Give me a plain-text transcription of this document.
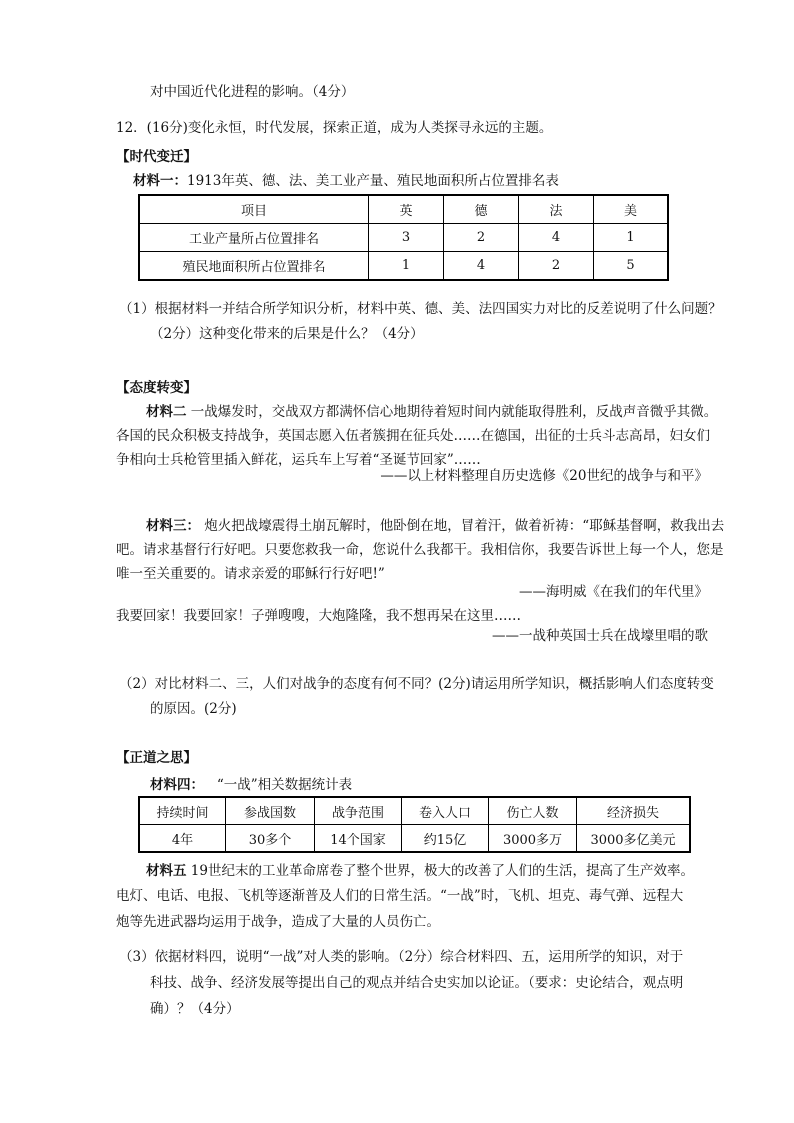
对中国近代化进程的影响。（4分）
12．(16分)变化永恒，时代发展，探索正道，成为人类探寻永远的主题。
【时代变迁】
材料一：1913年英、德、法、美工业产量、殖民地面积所占位置排名表
项目	英	德	法	美
工业产量所占位置排名	3	2	4	1
殖民地面积所占位置排名	1	4	2	5
（1）根据材料一并结合所学知识分析，材料中英、德、美、法四国实力对比的反差说明了什么问题？
（2分）这种变化带来的后果是什么？（4分）
【态度转变】
材料二 一战爆发时，交战双方都满怀信心地期待着短时间内就能取得胜利，反战声音微乎其微。
各国的民众积极支持战争，英国志愿入伍者簇拥在征兵处……在德国，出征的士兵斗志高昂，妇女们
争相向士兵枪管里插入鲜花，运兵车上写着“圣诞节回家”……
——以上材料整理自历史选修《20世纪的战争与和平》
材料三： 炮火把战壕震得土崩瓦解时，他卧倒在地，冒着汗，做着祈祷：“耶稣基督啊，救我出去
吧。请求基督行行好吧。只要您救我一命，您说什么我都干。我相信你，我要告诉世上每一个人，您是
唯一至关重要的。请求亲爱的耶稣行行好吧!”
——海明威《在我们的年代里》
我要回家！我要回家！子弹嗖嗖，大炮隆隆，我不想再呆在这里……
——一战种英国士兵在战壕里唱的歌
（2）对比材料二、三，人们对战争的态度有何不同？(2分)请运用所学知识，概括影响人们态度转变
的原因。(2分)
【正道之思】
材料四： “一战”相关数据统计表
持续时间	参战国数	战争范围	卷入人口	伤亡人数	经济损失
4年	30多个	14个国家	约15亿	3000多万	3000多亿美元
材料五 19世纪末的工业革命席卷了整个世界，极大的改善了人们的生活，提高了生产效率。
电灯、电话、电报、飞机等逐渐普及人们的日常生活。“一战”时，飞机、坦克、毒气弹、远程大
炮等先进武器均运用于战争，造成了大量的人员伤亡。
（3）依据材料四，说明“一战”对人类的影响。（2分）综合材料四、五，运用所学的知识，对于
科技、战争、经济发展等提出自己的观点并结合史实加以论证。（要求：史论结合，观点明
确）？（4分）
